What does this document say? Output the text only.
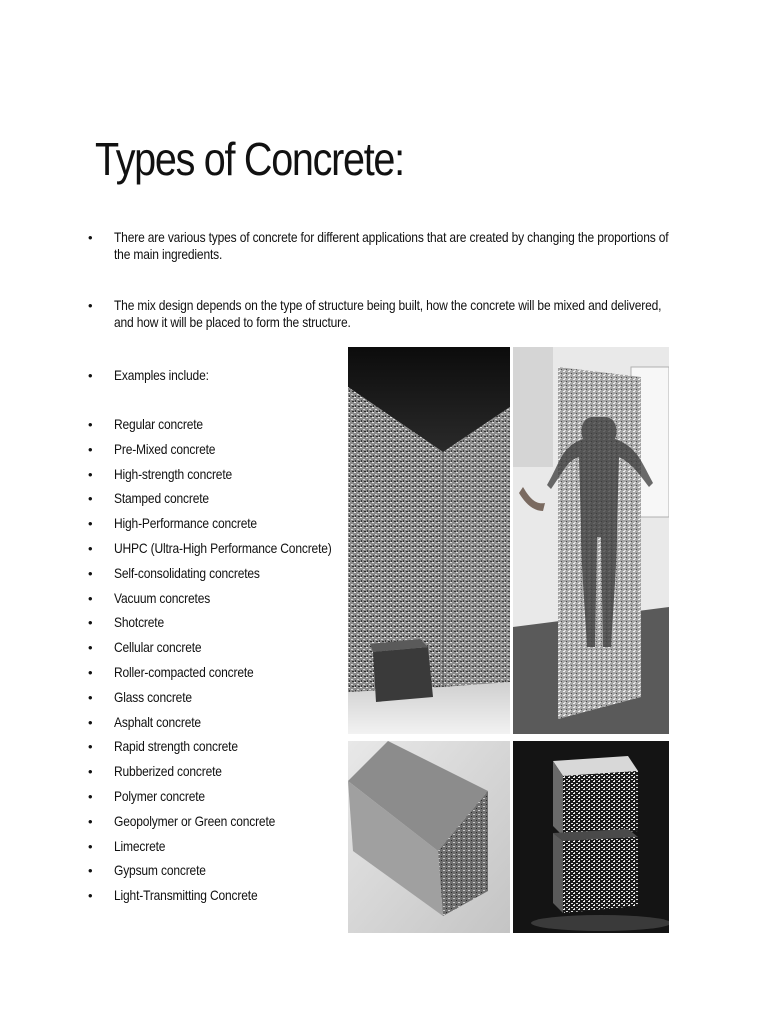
Types of Concrete:
• There are various types of concrete for different applications that are created by changing the proportions of the main ingredients.
• The mix design depends on the type of structure being built, how the concrete will be mixed and delivered, and how it will be placed to form the structure.
• Examples include:
• Regular concrete
• Pre-Mixed concrete
• High-strength concrete
• Stamped concrete
• High-Performance concrete
• UHPC (Ultra-High Performance Concrete)
• Self-consolidating concretes
• Vacuum concretes
• Shotcrete
• Cellular concrete
• Roller-compacted concrete
• Glass concrete
• Asphalt concrete
• Rapid strength concrete
• Rubberized concrete
• Polymer concrete
• Geopolymer or Green concrete
• Limecrete
• Gypsum concrete
• Light-Transmitting Concrete
